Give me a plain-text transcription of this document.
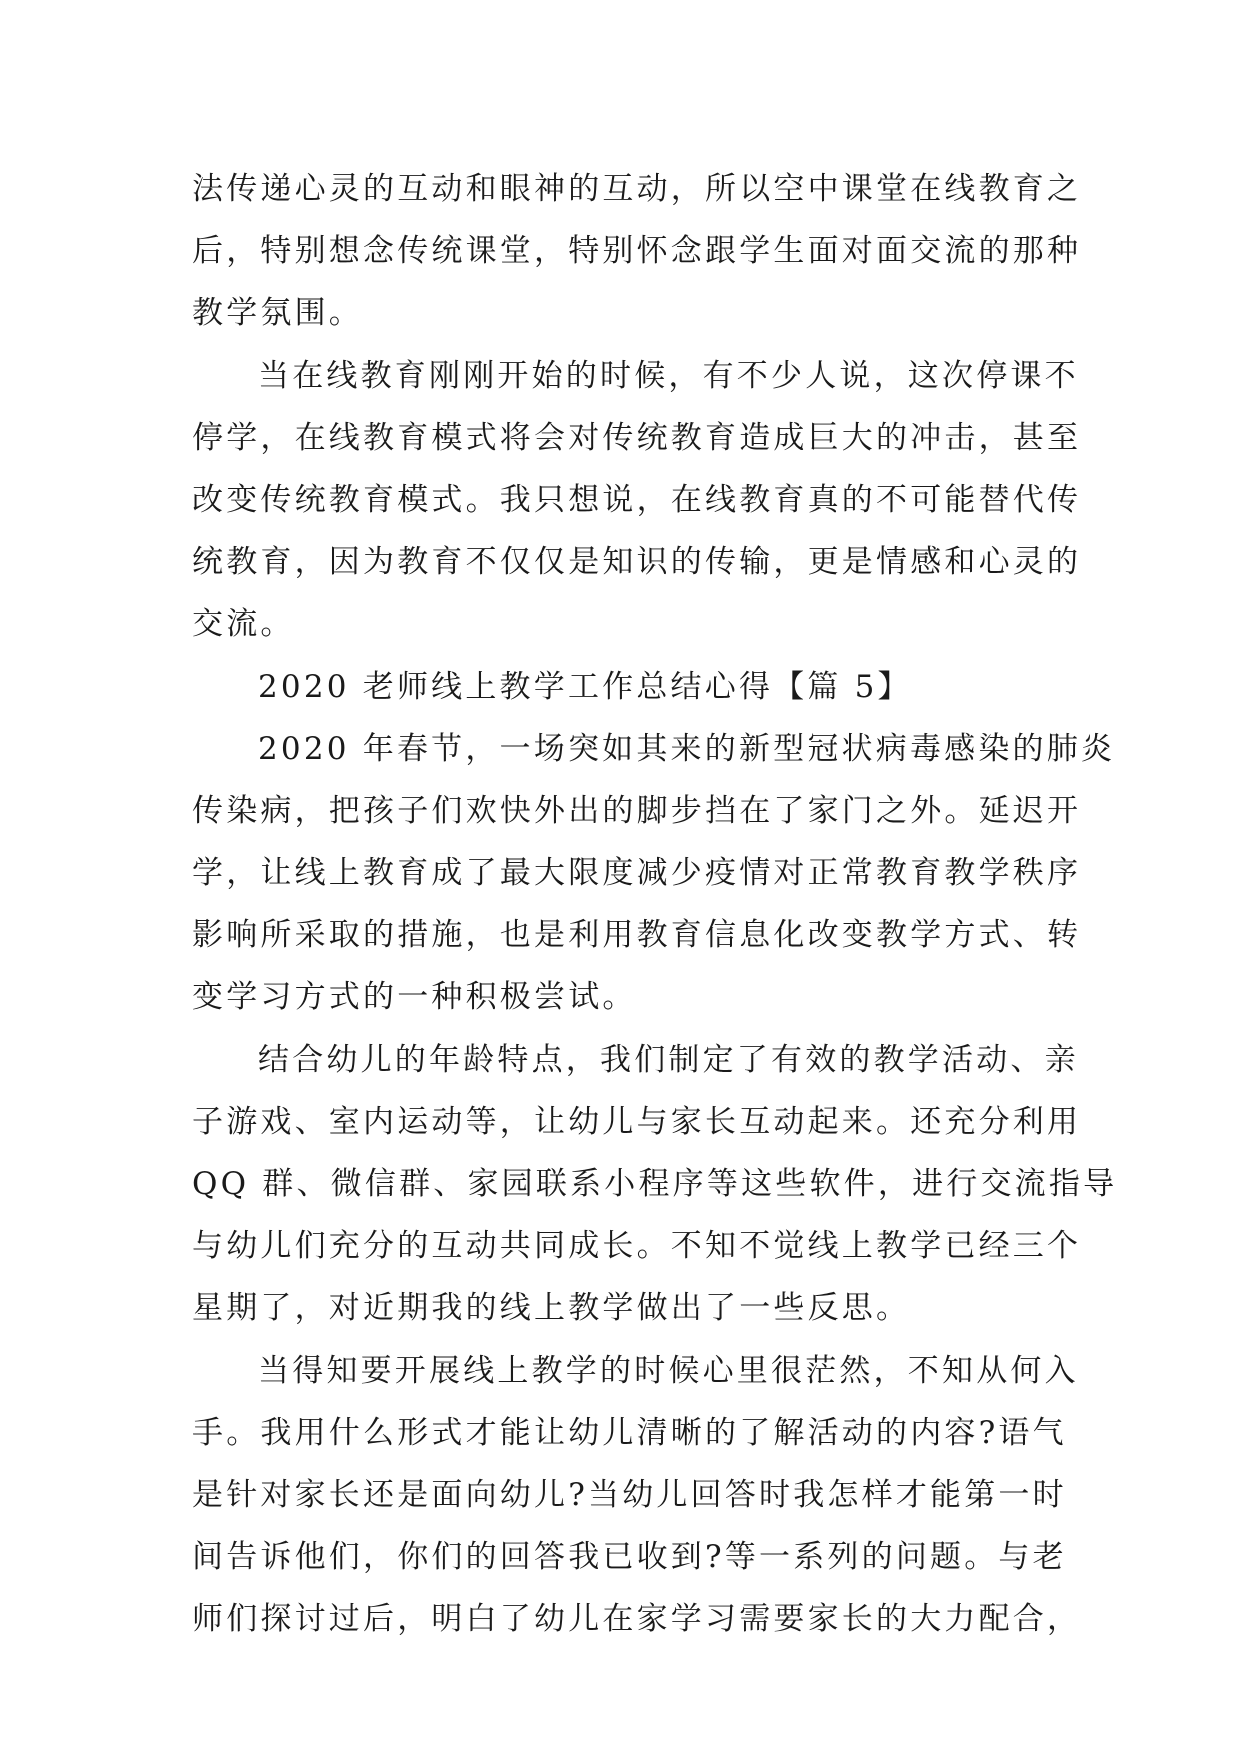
法传递心灵的互动和眼神的互动，所以空中课堂在线教育之
后，特别想念传统课堂，特别怀念跟学生面对面交流的那种
教学氛围。
当在线教育刚刚开始的时候，有不少人说，这次停课不
停学，在线教育模式将会对传统教育造成巨大的冲击，甚至
改变传统教育模式。我只想说，在线教育真的不可能替代传
统教育，因为教育不仅仅是知识的传输，更是情感和心灵的
交流。
2020 老师线上教学工作总结心得【篇 5】
2020 年春节，一场突如其来的新型冠状病毒感染的肺炎
传染病，把孩子们欢快外出的脚步挡在了家门之外。延迟开
学，让线上教育成了最大限度减少疫情对正常教育教学秩序
影响所采取的措施，也是利用教育信息化改变教学方式、转
变学习方式的一种积极尝试。
结合幼儿的年龄特点，我们制定了有效的教学活动、亲
子游戏、室内运动等，让幼儿与家长互动起来。还充分利用
QQ 群、微信群、家园联系小程序等这些软件，进行交流指导
与幼儿们充分的互动共同成长。不知不觉线上教学已经三个
星期了，对近期我的线上教学做出了一些反思。
当得知要开展线上教学的时候心里很茫然，不知从何入
手。我用什么形式才能让幼儿清晰的了解活动的内容?语气
是针对家长还是面向幼儿?当幼儿回答时我怎样才能第一时
间告诉他们，你们的回答我已收到?等一系列的问题。与老
师们探讨过后，明白了幼儿在家学习需要家长的大力配合，
